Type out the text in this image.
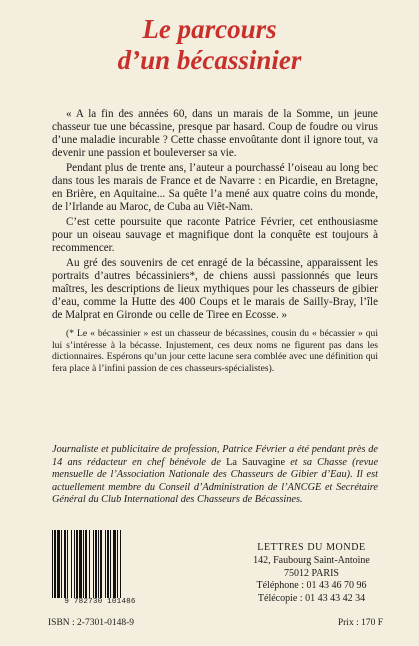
Le parcours
d’un bécassinier

« A la fin des années 60, dans un marais de la Somme, un jeune chasseur tue une bécassine, presque par hasard. Coup de foudre ou virus d’une maladie incurable ? Cette chasse envoûtante dont il ignore tout, va devenir une passion et bouleverser sa vie.

Pendant plus de trente ans, l’auteur a pourchassé l’oiseau au long bec dans tous les marais de France et de Navarre : en Picardie, en Bretagne, en Brière, en Aquitaine... Sa quête l’a mené aux quatre coins du monde, de l’Irlande au Maroc, de Cuba au Viêt-Nam.

C’est cette poursuite que raconte Patrice Février, cet enthousiasme pour un oiseau sauvage et magnifique dont la conquête est toujours à recommencer.

Au gré des souvenirs de cet enragé de la bécassine, apparaissent les portraits d’autres bécassiniers*, de chiens aussi passionnés que leurs maîtres, les descriptions de lieux mythiques pour les chasseurs de gibier d’eau, comme la Hutte des 400 Coups et le marais de Sailly-Bray, l’île de Malprat en Gironde ou celle de Tiree en Ecosse. »

(* Le « bécassinier » est un chasseur de bécassines, cousin du « bécassier » qui lui s’intéresse à la bécasse. Injustement, ces deux noms ne figurent pas dans les dictionnaires. Espérons qu’un jour cette lacune sera comblée avec une définition qui fera place à l’infini passion de ces chasseurs-spécialistes).

Journaliste et publicitaire de profession, Patrice Février a été pendant près de 14 ans rédacteur en chef bénévole de La Sauvagine et sa Chasse (revue mensuelle de l’Association Nationale des Chasseurs de Gibier d’Eau). Il est actuellement membre du Conseil d’Administration de l’ANCGE et Secrétaire Général du Club International des Chasseurs de Bécassines.
9 782730 101486
LETTRES DU MONDE
142, Faubourg Saint-Antoine
75012 PARIS
Téléphone : 01 43 46 70 96
Télécopie : 01 43 43 42 34
ISBN : 2-7301-0148-9	Prix : 170 F
